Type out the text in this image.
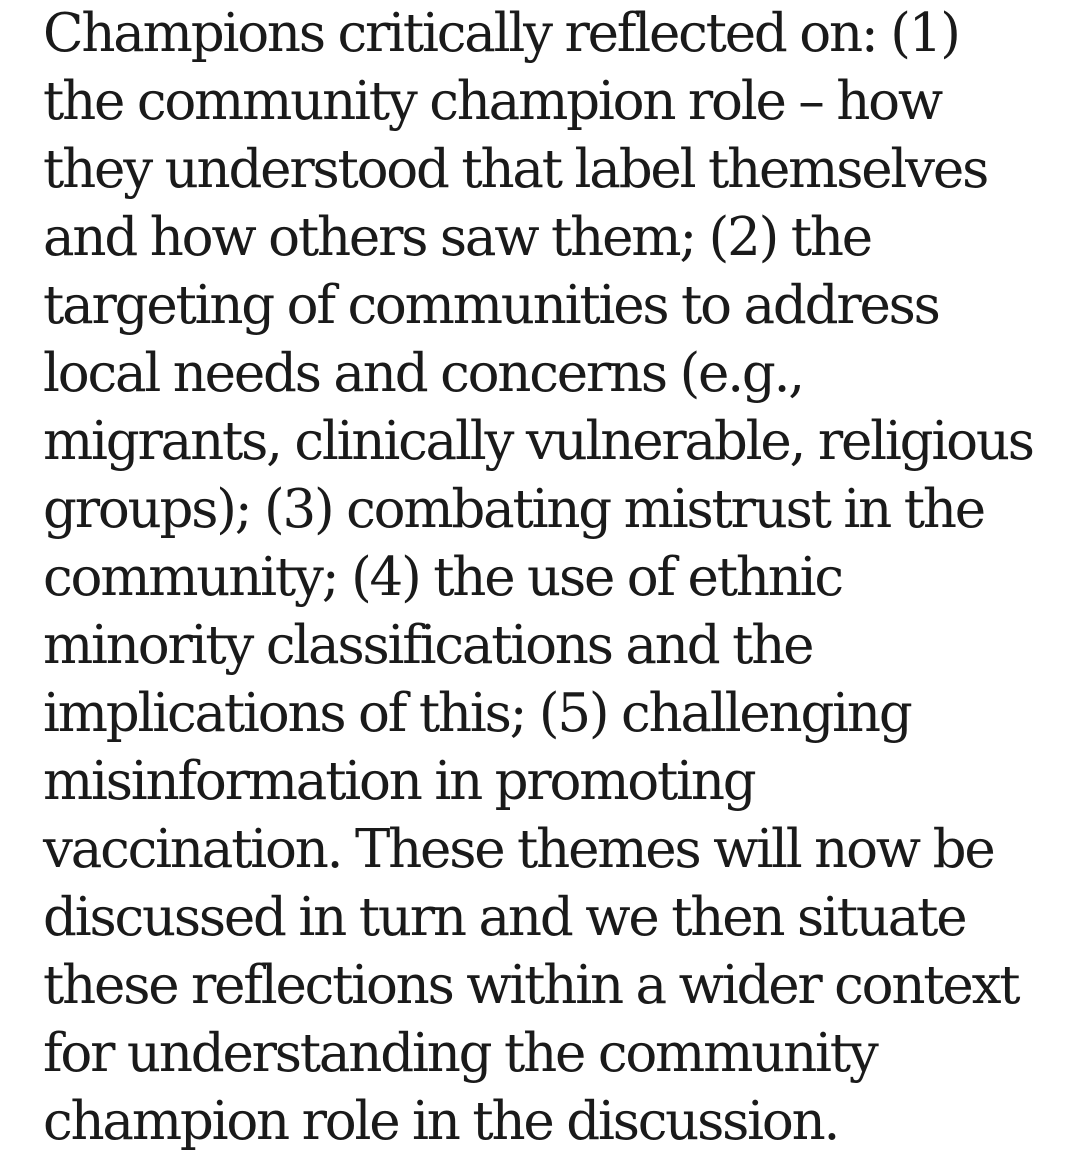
Champions critically reflected on: (1)
the community champion role – how
they understood that label themselves
and how others saw them; (2) the
targeting of communities to address
local needs and concerns (e.g.,
migrants, clinically vulnerable, religious
groups); (3) combating mistrust in the
community; (4) the use of ethnic
minority classifications and the
implications of this; (5) challenging
misinformation in promoting
vaccination. These themes will now be
discussed in turn and we then situate
these reflections within a wider context
for understanding the community
champion role in the discussion.
